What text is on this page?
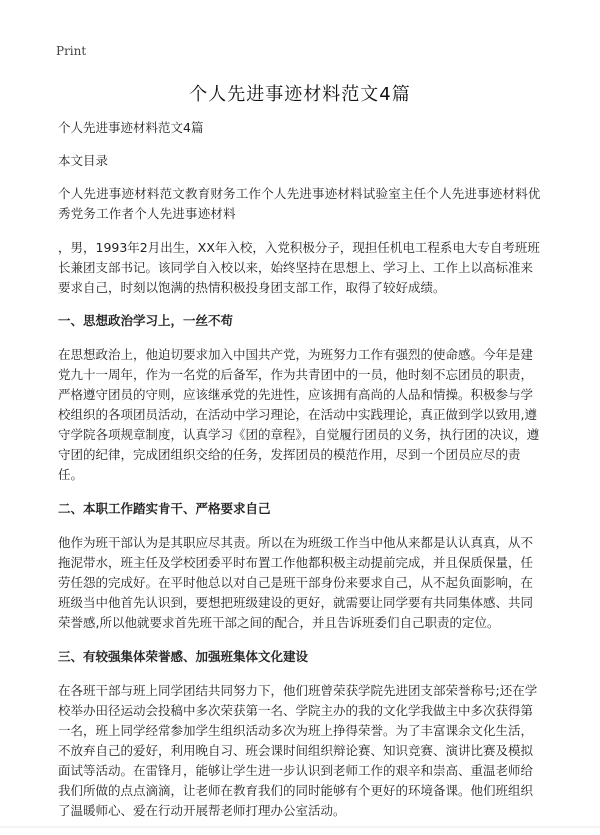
Print
个人先进事迹材料范文4篇

个人先进事迹材料范文4篇

本文目录

个人先进事迹材料范文教育财务工作个人先进事迹材料试验室主任个人先进事迹材料优秀党务工作者个人先进事迹材料

，男，1993年2月出生，XX年入校，入党积极分子，现担任机电工程系电大专自考班班长兼团支部书记。该同学自入校以来，始终坚持在思想上、学习上、工作上以高标准来要求自己，时刻以饱满的热情积极投身团支部工作，取得了较好成绩。

一、思想政治学习上，一丝不苟

在思想政治上，他迫切要求加入中国共产党，为班努力工作有强烈的使命感。今年是建党九十一周年，作为一名党的后备军，作为共青团中的一员，他时刻不忘团员的职责，严格遵守团员的守则，应该继承党的先进性，应该拥有高尚的人品和情操。积极参与学校组织的各项团员活动，在活动中学习理论，在活动中实践理论，真正做到学以致用,遵守学院各项规章制度，认真学习《团的章程》，自觉履行团员的义务，执行团的决议，遵守团的纪律，完成团组织交给的任务，发挥团员的模范作用，尽到一个团员应尽的责任。

二、本职工作踏实肯干、严格要求自己

他作为班干部认为是其职应尽其责。所以在为班级工作当中他从来都是认认真真，从不拖泥带水，班主任及学校团委平时布置工作他都积极主动提前完成，并且保质保量，任劳任怨的完成好。在平时他总以对自己是班干部身份来要求自己，从不起负面影响，在班级当中他首先认识到，要想把班级建设的更好，就需要让同学要有共同集体感、共同荣誉感,所以他就要求首先班干部之间的配合，并且告诉班委们自己职责的定位。

三、有较强集体荣誉感、加强班集体文化建设

在各班干部与班上同学团结共同努力下，他们班曾荣获学院先进团支部荣誉称号;还在学校举办田径运动会投稿中多次荣获第一名、学院主办的我的文化学我做主中多次获得第一名，班上同学经常参加学生组织活动多次为班上挣得荣誉。为了丰富课余文化生活，不放弃自己的爱好，利用晚自习、班会课时间组织辩论赛、知识竞赛、演讲比赛及模拟面试等活动。在雷锋月，能够让学生进一步认识到老师工作的艰辛和崇高、重温老师给我们所做的点点滴滴，让老师在教育我们的同时能够有个更好的环境备课。他们班组织了温暖师心、爱在行动开展帮老师打理办公室活动。
